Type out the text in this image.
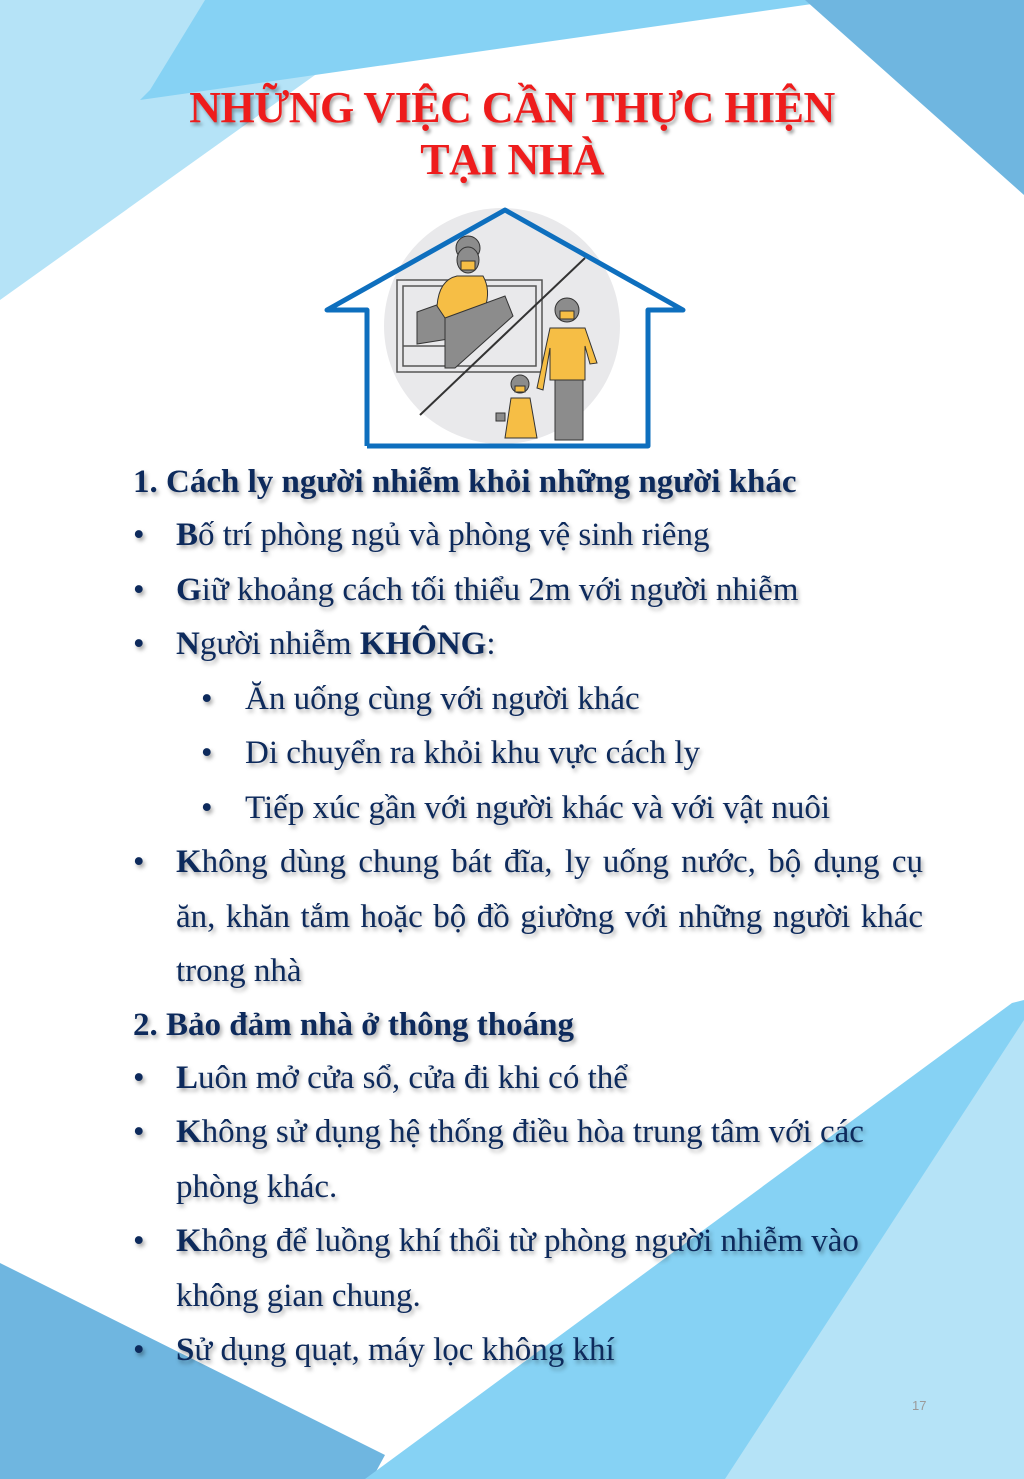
NHỮNG VIỆC CẦN THỰC HIỆN
TẠI NHÀ
1. Cách ly người nhiễm khỏi những người khác
• Bố trí phòng ngủ và phòng vệ sinh riêng
• Giữ khoảng cách tối thiểu 2m với người nhiễm
• Người nhiễm KHÔNG:
• Ăn uống cùng với người khác
• Di chuyển ra khỏi khu vực cách ly
• Tiếp xúc gần với người khác và với vật nuôi
• Không dùng chung bát đĩa, ly uống nước, bộ dụng cụ ăn, khăn tắm hoặc bộ đồ giường với những người khác trong nhà
2. Bảo đảm nhà ở thông thoáng
• Luôn mở cửa sổ, cửa đi khi có thể
• Không sử dụng hệ thống điều hòa trung tâm với các phòng khác.
• Không để luồng khí thổi từ phòng người nhiễm vào không gian chung.
• Sử dụng quạt, máy lọc không khí
17
